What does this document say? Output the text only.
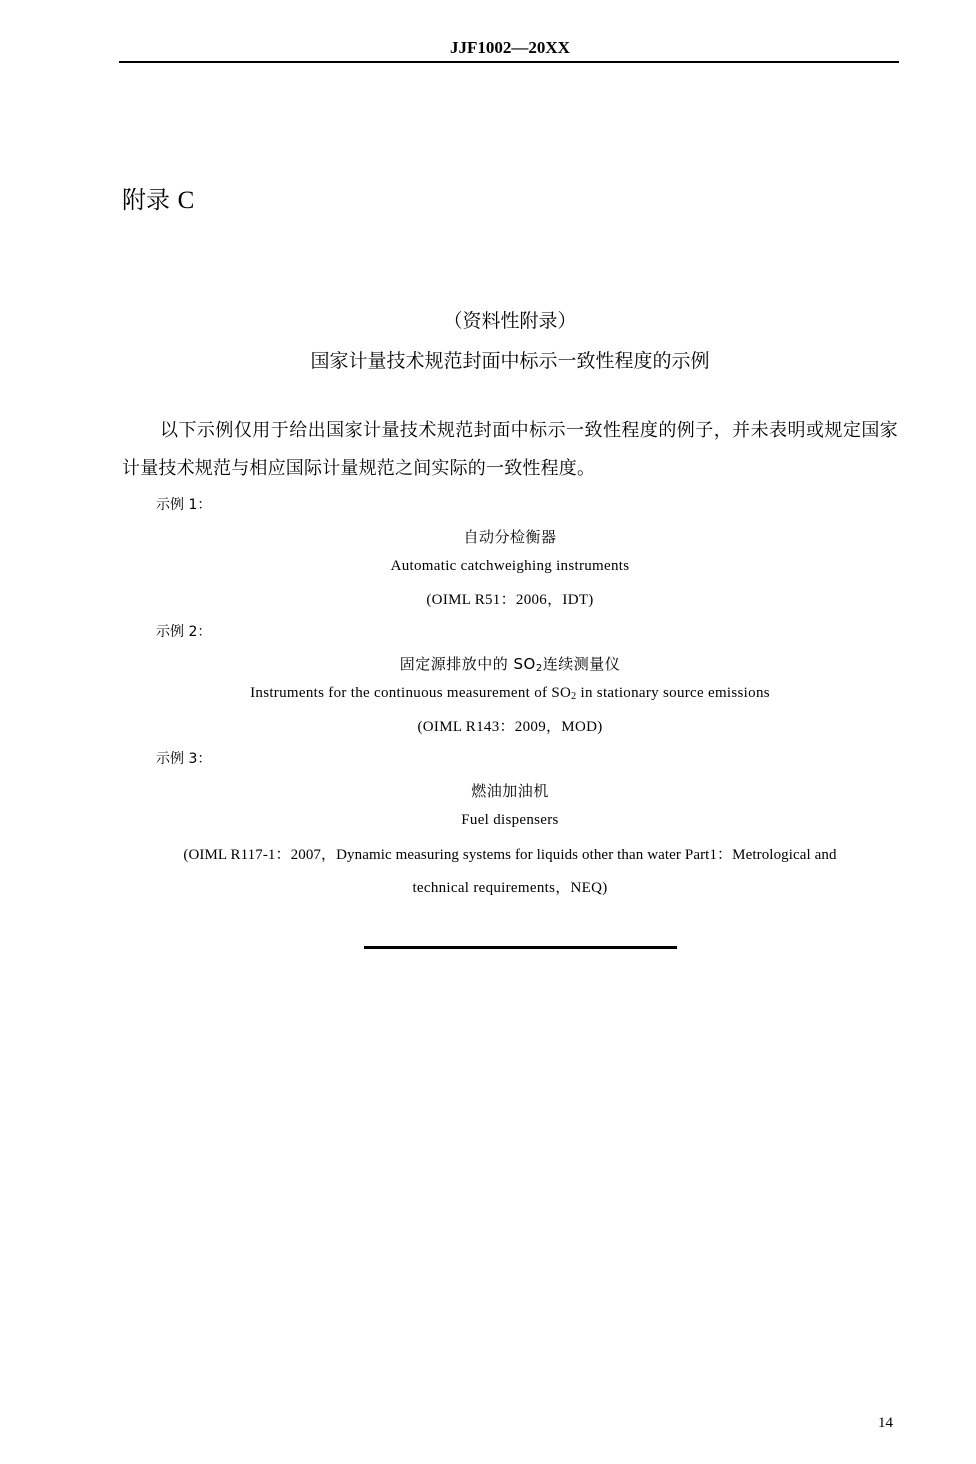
JJF1002—20XX
附录 C
（资料性附录）
国家计量技术规范封面中标示一致性程度的示例
以下示例仅用于给出国家计量技术规范封面中标示一致性程度的例子，并未表明或规定国家计量技术规范与相应国际计量规范之间实际的一致性程度。
示例 1：
自动分检衡器
Automatic catchweighing instruments
(OIML R51：2006，IDT)
示例 2：
固定源排放中的 $SO_2$连续测量仪
Instruments for the continuous measurement of $SO_2$ in stationary source emissions
(OIML R143：2009，MOD)
示例 3：
燃油加油机
Fuel dispensers
(OIML R117-1：2007，Dynamic measuring systems for liquids other than water Part1：Metrological and
technical requirements，NEQ)
14
